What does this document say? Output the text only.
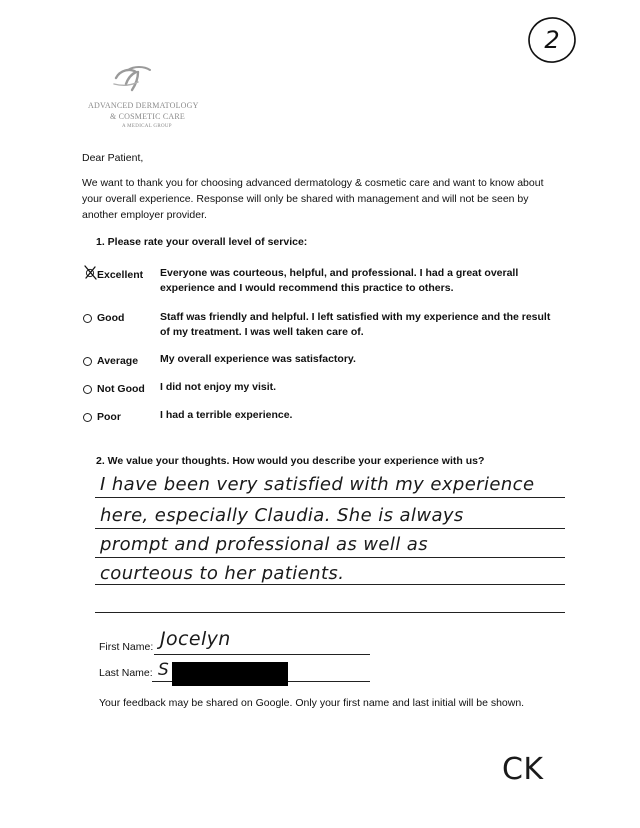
2
ADVANCED DERMATOLOGY
& COSMETIC CARE
A MEDICAL GROUP
Dear Patient,
We want to thank you for choosing advanced dermatology & cosmetic care and want to know about your overall experience. Response will only be shared with management and will not be seen by another employer provider.
1. Please rate your overall level of service:
Excellent Everyone was courteous, helpful, and professional. I had a great overall experience and I would recommend this practice to others.
Good	Staff was friendly and helpful. I left satisfied with my experience and the result of my treatment. I was well taken care of.
Average My overall experience was satisfactory.
Not Good I did not enjoy my visit.
Poor	I had a terrible experience.
2. We value your thoughts. How would you describe your experience with us?
I have been very satisfied with my experience
here, especially Claudia. She is always
prompt and professional as well as
courteous to her patients.
First Name: Jocelyn
Last Name: S
Your feedback may be shared on Google. Only your first name and last initial will be shown.
CK
